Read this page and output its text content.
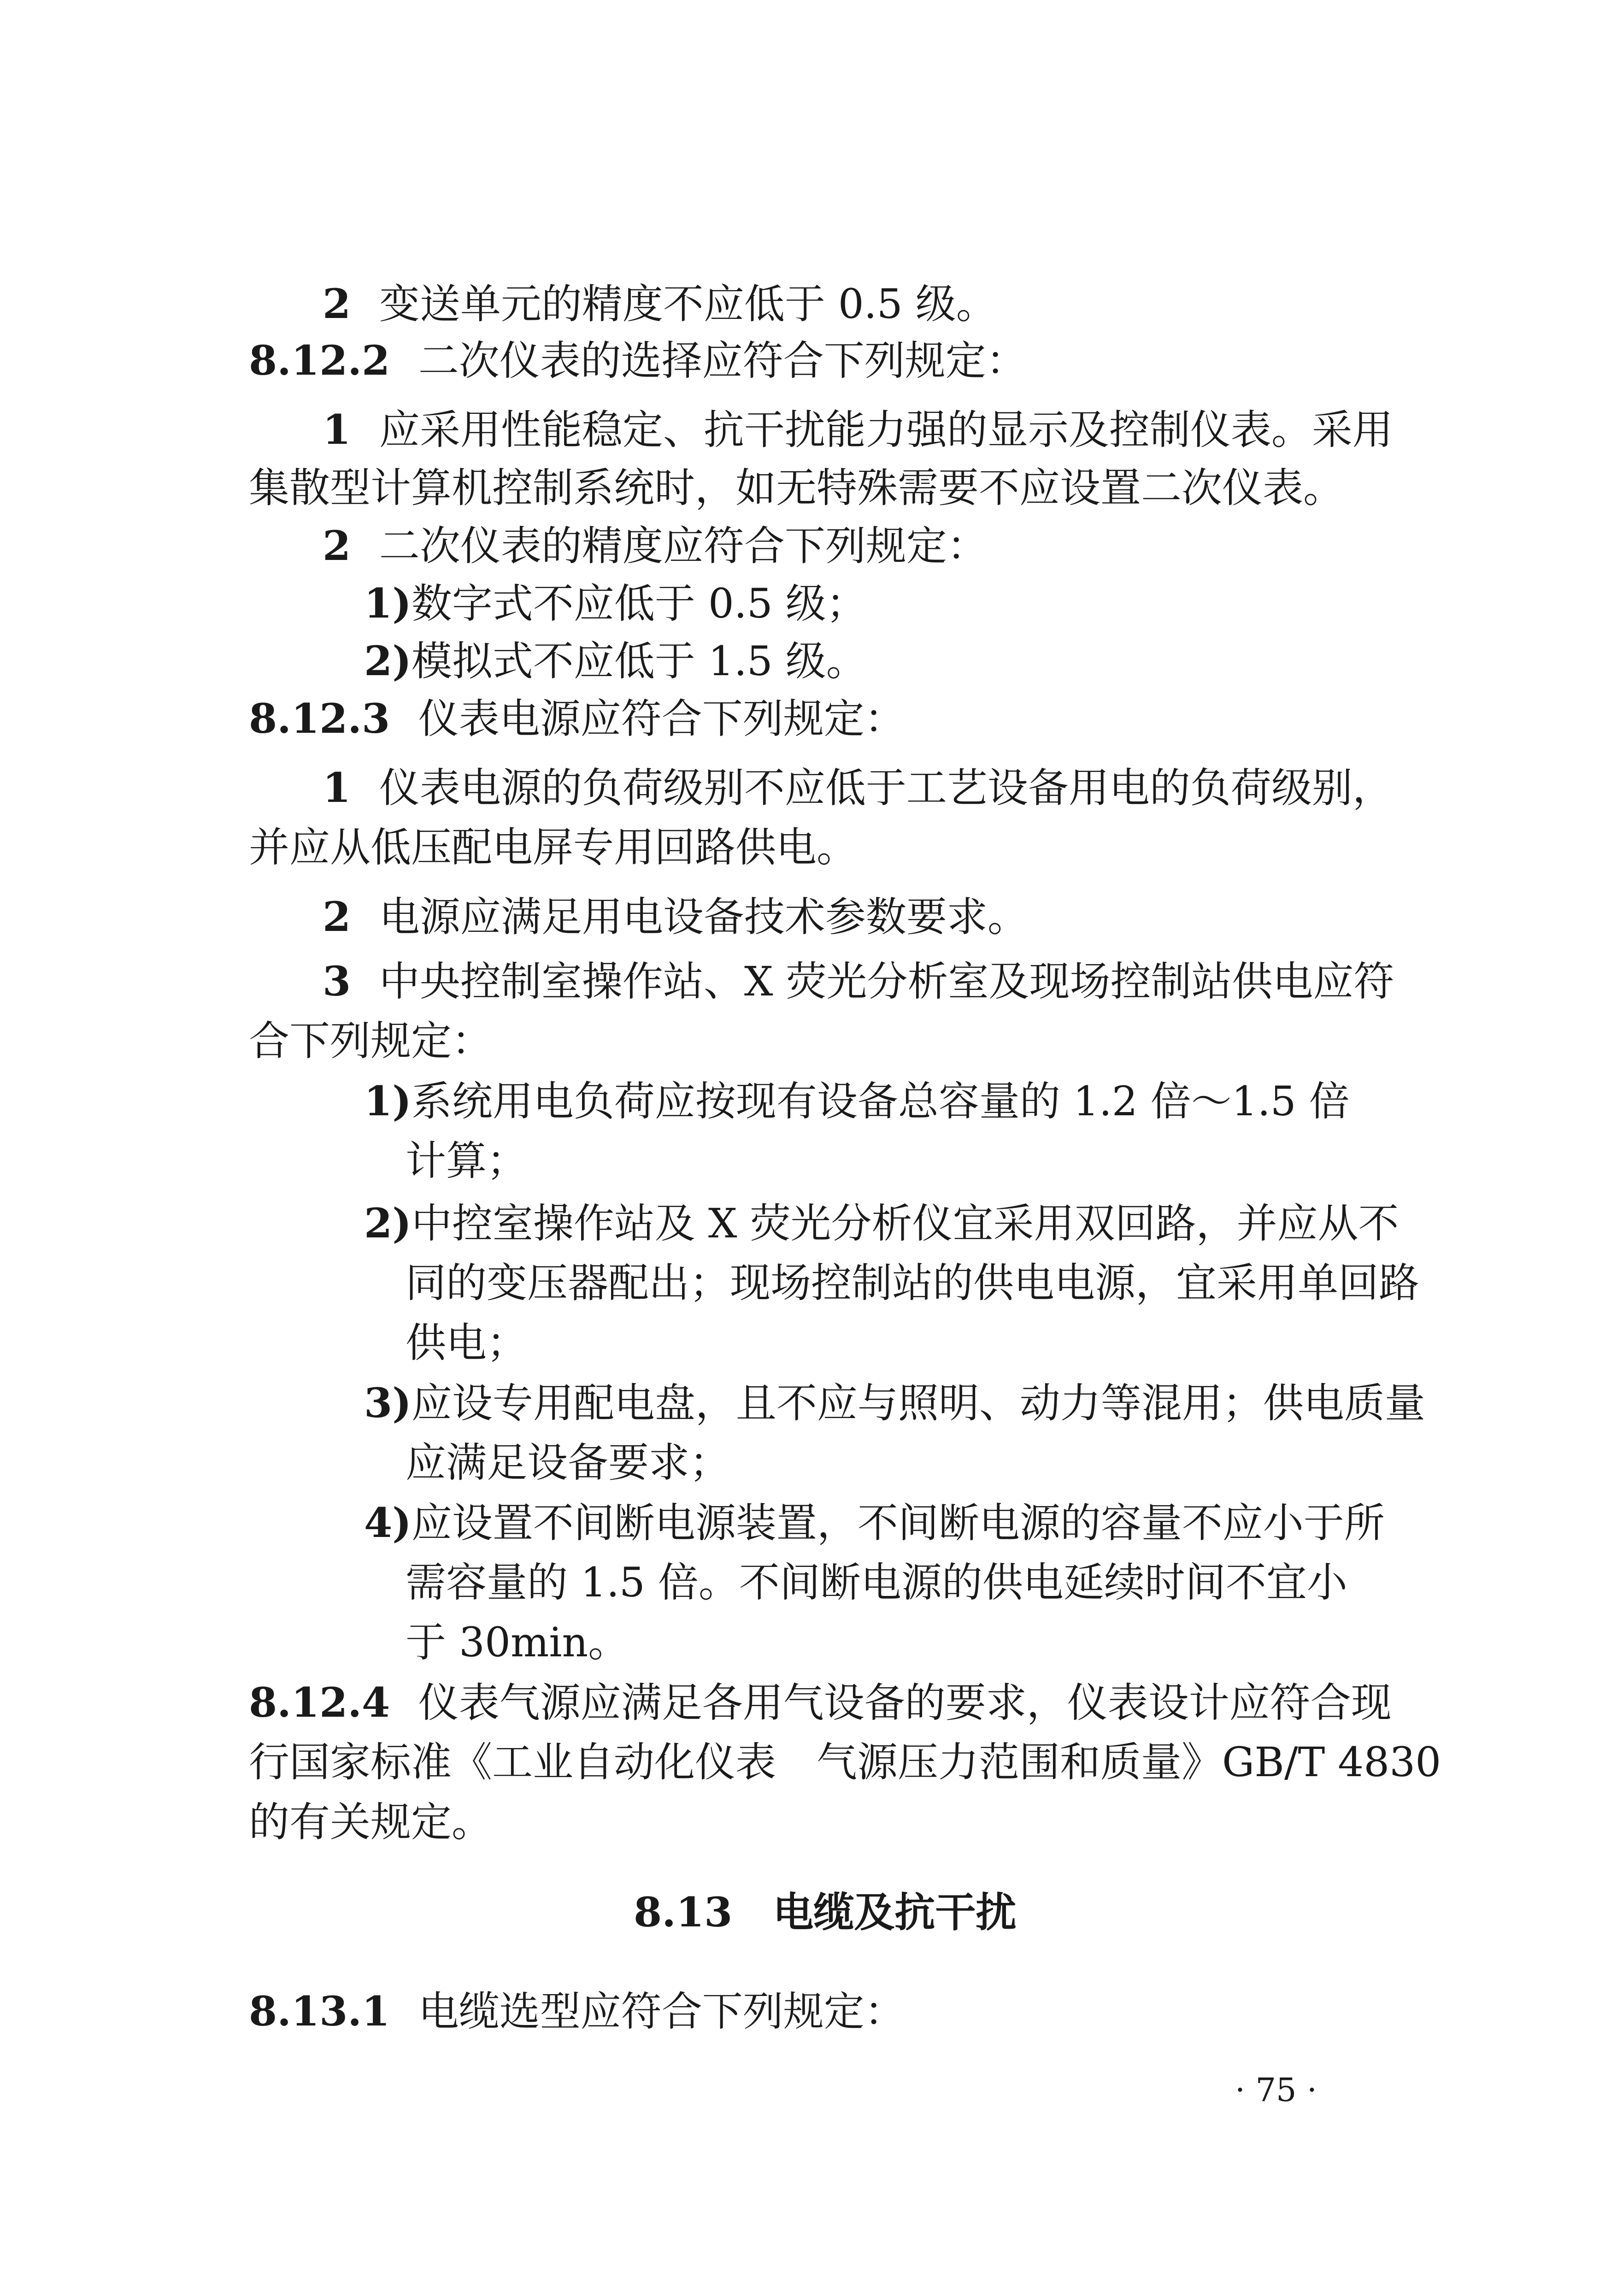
2 变送单元的精度不应低于 0.5 级。
8.12.2 二次仪表的选择应符合下列规定：
1 应采用性能稳定、抗干扰能力强的显示及控制仪表。采用
集散型计算机控制系统时，如无特殊需要不应设置二次仪表。
2 二次仪表的精度应符合下列规定：
1)数字式不应低于 0.5 级；
2)模拟式不应低于 1.5 级。
8.12.3 仪表电源应符合下列规定：
1 仪表电源的负荷级别不应低于工艺设备用电的负荷级别，
并应从低压配电屏专用回路供电。
2 电源应满足用电设备技术参数要求。
3 中央控制室操作站、X 荧光分析室及现场控制站供电应符
合下列规定：
1)系统用电负荷应按现有设备总容量的 1.2 倍～1.5 倍
计算；
2)中控室操作站及 X 荧光分析仪宜采用双回路，并应从不
同的变压器配出；现场控制站的供电电源，宜采用单回路
供电；
3)应设专用配电盘，且不应与照明、动力等混用；供电质量
应满足设备要求；
4)应设置不间断电源装置，不间断电源的容量不应小于所
需容量的 1.5 倍。不间断电源的供电延续时间不宜小
于 30min。
8.12.4 仪表气源应满足各用气设备的要求，仪表设计应符合现
行国家标准《工业自动化仪表　气源压力范围和质量》GB/T 4830
的有关规定。
8.13 电缆及抗干扰
8.13.1 电缆选型应符合下列规定：
· 75 ·
